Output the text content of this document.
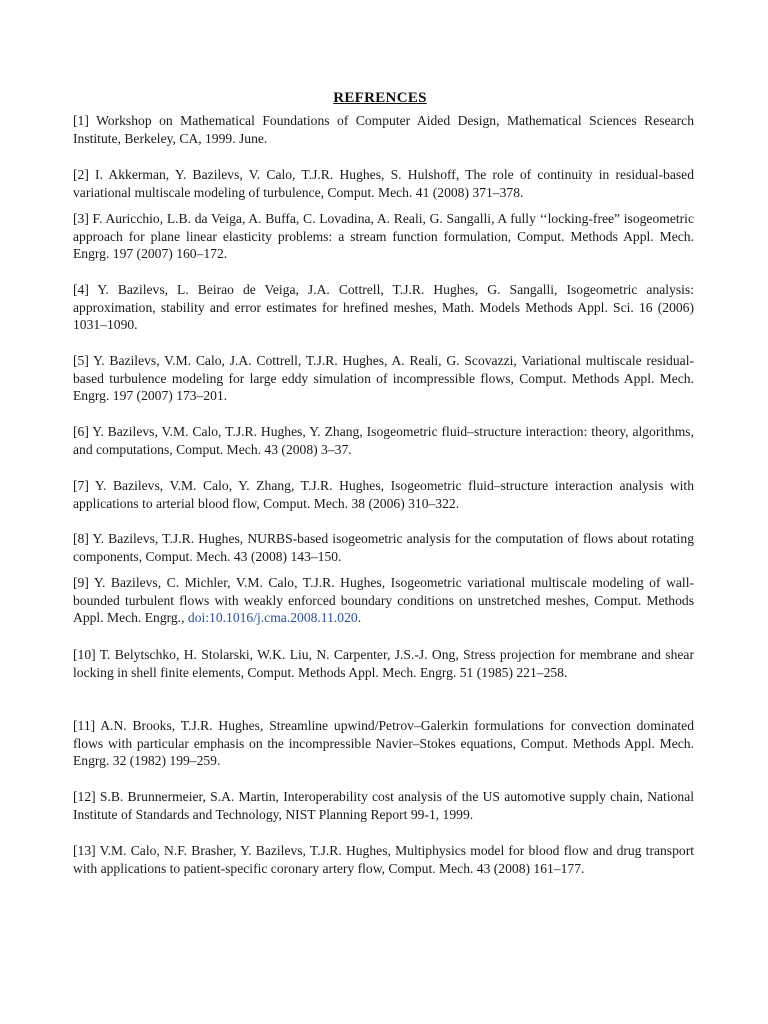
REFRENCES

[1] Workshop on Mathematical Foundations of Computer Aided Design, Mathematical Sciences Research Institute, Berkeley, CA, 1999. June.

[2] I. Akkerman, Y. Bazilevs, V. Calo, T.J.R. Hughes, S. Hulshoff, The role of continuity in residual-based variational multiscale modeling of turbulence, Comput. Mech. 41 (2008) 371–378.

[3] F. Auricchio, L.B. da Veiga, A. Buffa, C. Lovadina, A. Reali, G. Sangalli, A fully ‘‘locking-free” isogeometric approach for plane linear elasticity problems: a stream function formulation, Comput. Methods Appl. Mech. Engrg. 197 (2007) 160–172.

[4] Y. Bazilevs, L. Beirao de Veiga, J.A. Cottrell, T.J.R. Hughes, G. Sangalli, Isogeometric analysis: approximation, stability and error estimates for hrefined meshes, Math. Models Methods Appl. Sci. 16 (2006) 1031–1090.

[5] Y. Bazilevs, V.M. Calo, J.A. Cottrell, T.J.R. Hughes, A. Reali, G. Scovazzi, Variational multiscale residual-based turbulence modeling for large eddy simulation of incompressible flows, Comput. Methods Appl. Mech. Engrg. 197 (2007) 173–201.

[6] Y. Bazilevs, V.M. Calo, T.J.R. Hughes, Y. Zhang, Isogeometric fluid–structure interaction: theory, algorithms, and computations, Comput. Mech. 43 (2008) 3–37.

[7] Y. Bazilevs, V.M. Calo, Y. Zhang, T.J.R. Hughes, Isogeometric fluid–structure interaction analysis with applications to arterial blood flow, Comput. Mech. 38 (2006) 310–322.

[8] Y. Bazilevs, T.J.R. Hughes, NURBS-based isogeometric analysis for the computation of flows about rotating components, Comput. Mech. 43 (2008) 143–150.

[9] Y. Bazilevs, C. Michler, V.M. Calo, T.J.R. Hughes, Isogeometric variational multiscale modeling of wall-bounded turbulent flows with weakly enforced boundary conditions on unstretched meshes, Comput. Methods Appl. Mech. Engrg., doi:10.1016/j.cma.2008.11.020.

[10] T. Belytschko, H. Stolarski, W.K. Liu, N. Carpenter, J.S.-J. Ong, Stress projection for membrane and shear locking in shell finite elements, Comput. Methods Appl. Mech. Engrg. 51 (1985) 221–258.

[11] A.N. Brooks, T.J.R. Hughes, Streamline upwind/Petrov–Galerkin formulations for convection dominated flows with particular emphasis on the incompressible Navier–Stokes equations, Comput. Methods Appl. Mech. Engrg. 32 (1982) 199–259.

[12] S.B. Brunnermeier, S.A. Martin, Interoperability cost analysis of the US automotive supply chain, National Institute of Standards and Technology, NIST Planning Report 99-1, 1999.

[13] V.M. Calo, N.F. Brasher, Y. Bazilevs, T.J.R. Hughes, Multiphysics model for blood flow and drug transport with applications to patient-specific coronary artery flow, Comput. Mech. 43 (2008) 161–177.
